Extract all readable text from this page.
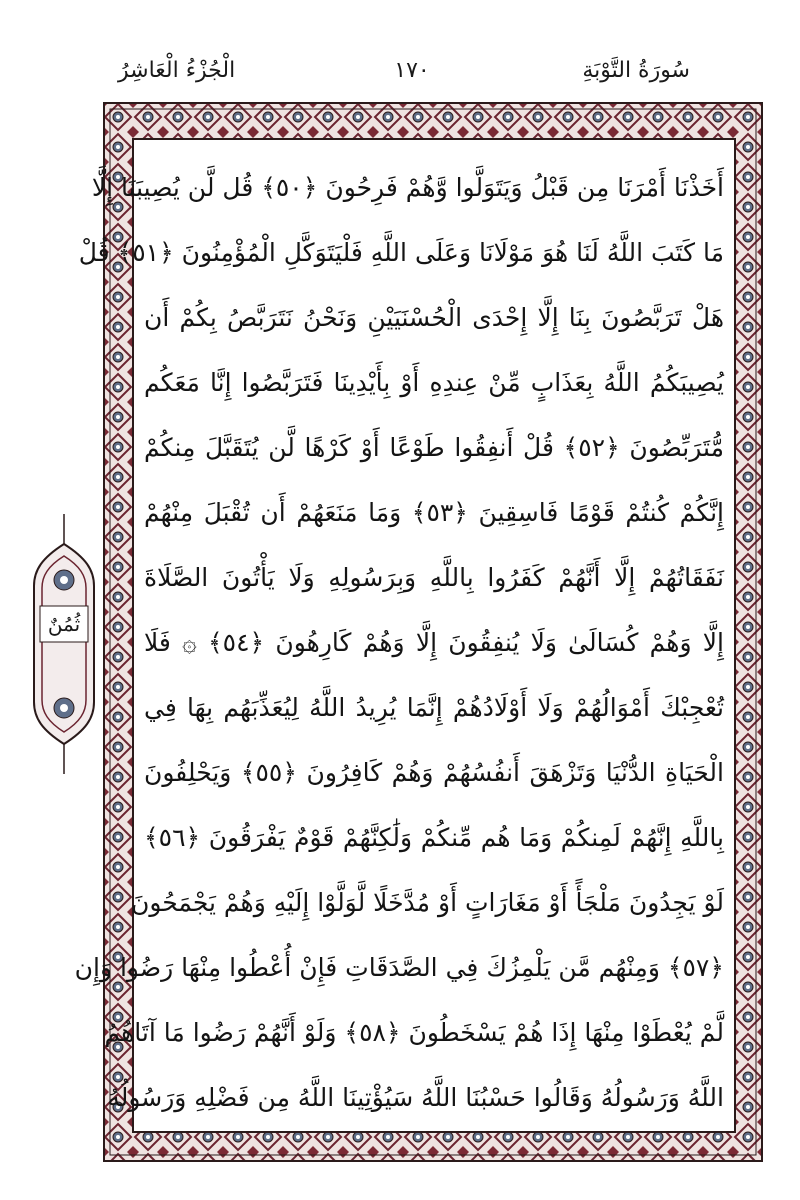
الْجُزْءُ الْعَاشِرُ	١٧٠	سُورَةُ التَّوْبَةِ
أَخَذْنَا أَمْرَنَا مِن قَبْلُ وَيَتَوَلَّوا وَّهُمْ فَرِحُونَ ﴿٥٠﴾ قُل لَّن يُصِيبَنَا إِلَّا
مَا كَتَبَ اللَّهُ لَنَا هُوَ مَوْلَانَا وَعَلَى اللَّهِ فَلْيَتَوَكَّلِ الْمُؤْمِنُونَ ﴿٥١﴾ قُلْ
هَلْ تَرَبَّصُونَ بِنَا إِلَّا إِحْدَى الْحُسْنَيَيْنِ وَنَحْنُ نَتَرَبَّصُ بِكُمْ أَن
يُصِيبَكُمُ اللَّهُ بِعَذَابٍ مِّنْ عِندِهِ أَوْ بِأَيْدِينَا فَتَرَبَّصُوا إِنَّا مَعَكُم
مُّتَرَبِّصُونَ ﴿٥٢﴾ قُلْ أَنفِقُوا طَوْعًا أَوْ كَرْهًا لَّن يُتَقَبَّلَ مِنكُمْ
إِنَّكُمْ كُنتُمْ قَوْمًا فَاسِقِينَ ﴿٥٣﴾ وَمَا مَنَعَهُمْ أَن تُقْبَلَ مِنْهُمْ
نَفَقَاتُهُمْ إِلَّا أَنَّهُمْ كَفَرُوا بِاللَّهِ وَبِرَسُولِهِ وَلَا يَأْتُونَ الصَّلَاةَ
إِلَّا وَهُمْ كُسَالَىٰ وَلَا يُنفِقُونَ إِلَّا وَهُمْ كَارِهُونَ ﴿٥٤﴾ ۞ فَلَا
تُعْجِبْكَ أَمْوَالُهُمْ وَلَا أَوْلَادُهُمْ إِنَّمَا يُرِيدُ اللَّهُ لِيُعَذِّبَهُم بِهَا فِي
الْحَيَاةِ الدُّنْيَا وَتَزْهَقَ أَنفُسُهُمْ وَهُمْ كَافِرُونَ ﴿٥٥﴾ وَيَحْلِفُونَ
بِاللَّهِ إِنَّهُمْ لَمِنكُمْ وَمَا هُم مِّنكُمْ وَلَٰكِنَّهُمْ قَوْمٌ يَفْرَقُونَ ﴿٥٦﴾
لَوْ يَجِدُونَ مَلْجَأً أَوْ مَغَارَاتٍ أَوْ مُدَّخَلًا لَّوَلَّوْا إِلَيْهِ وَهُمْ يَجْمَحُونَ
﴿٥٧﴾ وَمِنْهُم مَّن يَلْمِزُكَ فِي الصَّدَقَاتِ فَإِنْ أُعْطُوا مِنْهَا رَضُوا وَإِن
لَّمْ يُعْطَوْا مِنْهَا إِذَا هُمْ يَسْخَطُونَ ﴿٥٨﴾ وَلَوْ أَنَّهُمْ رَضُوا مَا آتَاهُمُ
اللَّهُ وَرَسُولُهُ وَقَالُوا حَسْبُنَا اللَّهُ سَيُؤْتِينَا اللَّهُ مِن فَضْلِهِ وَرَسُولُهُ
ثُمُنٌ
